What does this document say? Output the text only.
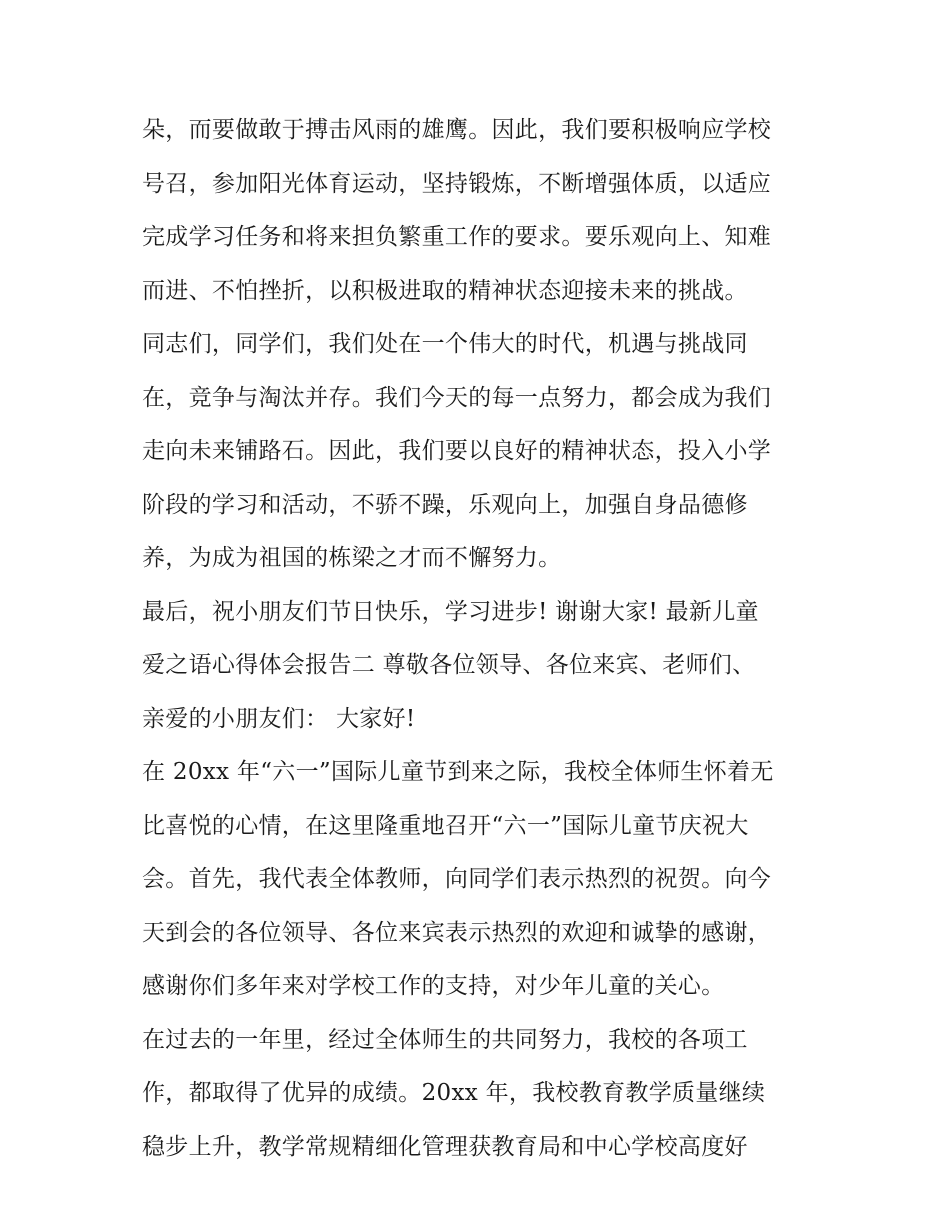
朵，而要做敢于搏击风雨的雄鹰。因此，我们要积极响应学校
号召，参加阳光体育运动，坚持锻炼，不断增强体质，以适应
完成学习任务和将来担负繁重工作的要求。要乐观向上、知难
而进、不怕挫折，以积极进取的精神状态迎接未来的挑战。
同志们，同学们，我们处在一个伟大的时代，机遇与挑战同
在，竞争与淘汰并存。我们今天的每一点努力，都会成为我们
走向未来铺路石。因此，我们要以良好的精神状态，投入小学
阶段的学习和活动，不骄不躁，乐观向上，加强自身品德修
养，为成为祖国的栋梁之才而不懈努力。
最后，祝小朋友们节日快乐，学习进步! 谢谢大家! 最新儿童
爱之语心得体会报告二 尊敬各位领导、各位来宾、老师们、
亲爱的小朋友们： 大家好!
在 20xx 年“六一”国际儿童节到来之际，我校全体师生怀着无
比喜悦的心情，在这里隆重地召开“六一”国际儿童节庆祝大
会。首先，我代表全体教师，向同学们表示热烈的祝贺。向今
天到会的各位领导、各位来宾表示热烈的欢迎和诚挚的感谢，
感谢你们多年来对学校工作的支持，对少年儿童的关心。
在过去的一年里，经过全体师生的共同努力，我校的各项工
作，都取得了优异的成绩。20xx 年，我校教育教学质量继续
稳步上升，教学常规精细化管理获教育局和中心学校高度好
